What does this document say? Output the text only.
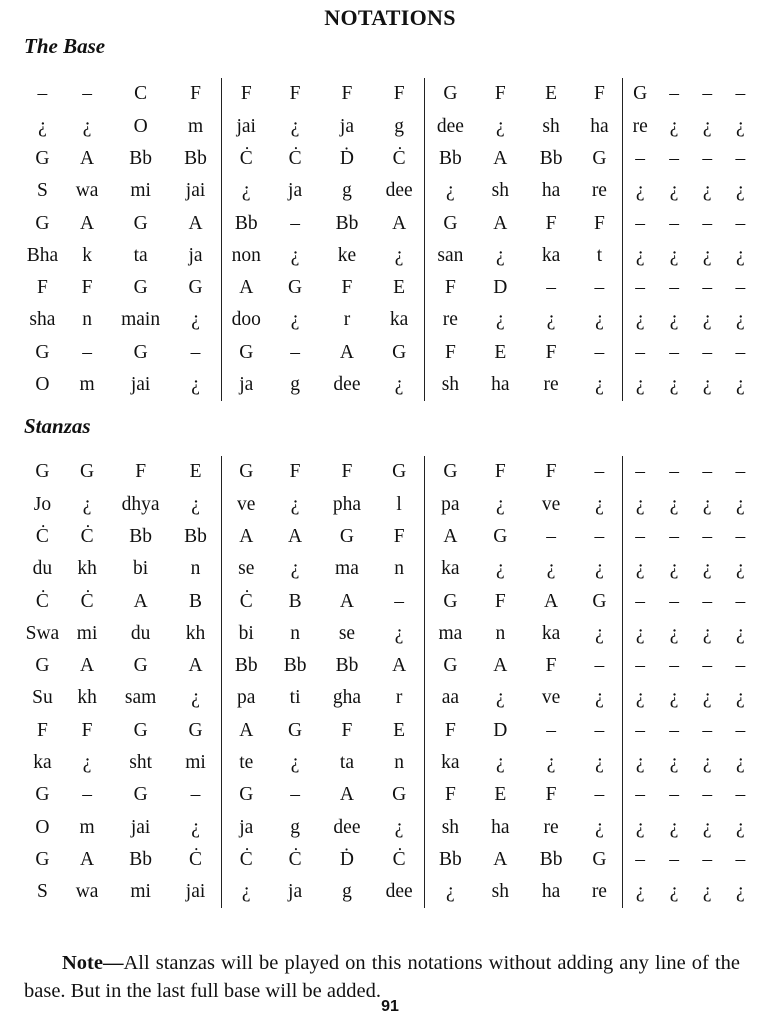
NOTATIONS
The Base
–	–	C	F	F	F	F	F	G	F	E	F	G	–	–	–
¿	¿	O	m	jai	¿	ja	g	dee	¿	sh	ha	re	¿	¿	¿
G	A	Bb	Bb	Ċ	Ċ	Ḋ	Ċ	Bb	A	Bb	G	–	–	–	–
S	wa	mi	jai	¿	ja	g	dee	¿	sh	ha	re	¿	¿	¿	¿
G	A	G	A	Bb	–	Bb	A	G	A	F	F	–	–	–	–
Bha	k	ta	ja	non	¿	ke	¿	san	¿	ka	t	¿	¿	¿	¿
F	F	G	G	A	G	F	E	F	D	–	–	–	–	–	–
sha	n	main	¿	doo	¿	r	ka	re	¿	¿	¿	¿	¿	¿	¿
G	–	G	–	G	–	A	G	F	E	F	–	–	–	–	–
O	m	jai	¿	ja	g	dee	¿	sh	ha	re	¿	¿	¿	¿	¿
Stanzas
G	G	F	E	G	F	F	G	G	F	F	–	–	–	–	–
Jo	¿	dhya	¿	ve	¿	pha	l	pa	¿	ve	¿	¿	¿	¿	¿
Ċ	Ċ	Bb	Bb	A	A	G	F	A	G	–	–	–	–	–	–
du	kh	bi	n	se	¿	ma	n	ka	¿	¿	¿	¿	¿	¿	¿
Ċ	Ċ	A	B	Ċ	B	A	–	G	F	A	G	–	–	–	–
Swa	mi	du	kh	bi	n	se	¿	ma	n	ka	¿	¿	¿	¿	¿
G	A	G	A	Bb	Bb	Bb	A	G	A	F	–	–	–	–	–
Su	kh	sam	¿	pa	ti	gha	r	aa	¿	ve	¿	¿	¿	¿	¿
F	F	G	G	A	G	F	E	F	D	–	–	–	–	–	–
ka	¿	sht	mi	te	¿	ta	n	ka	¿	¿	¿	¿	¿	¿	¿
G	–	G	–	G	–	A	G	F	E	F	–	–	–	–	–
O	m	jai	¿	ja	g	dee	¿	sh	ha	re	¿	¿	¿	¿	¿
G	A	Bb	Ċ	Ċ	Ċ	Ḋ	Ċ	Bb	A	Bb	G	–	–	–	–
S	wa	mi	jai	¿	ja	g	dee	¿	sh	ha	re	¿	¿	¿	¿

Note—All stanzas will be played on this notations without adding any line of the base. But in the last full base will be added.

91
